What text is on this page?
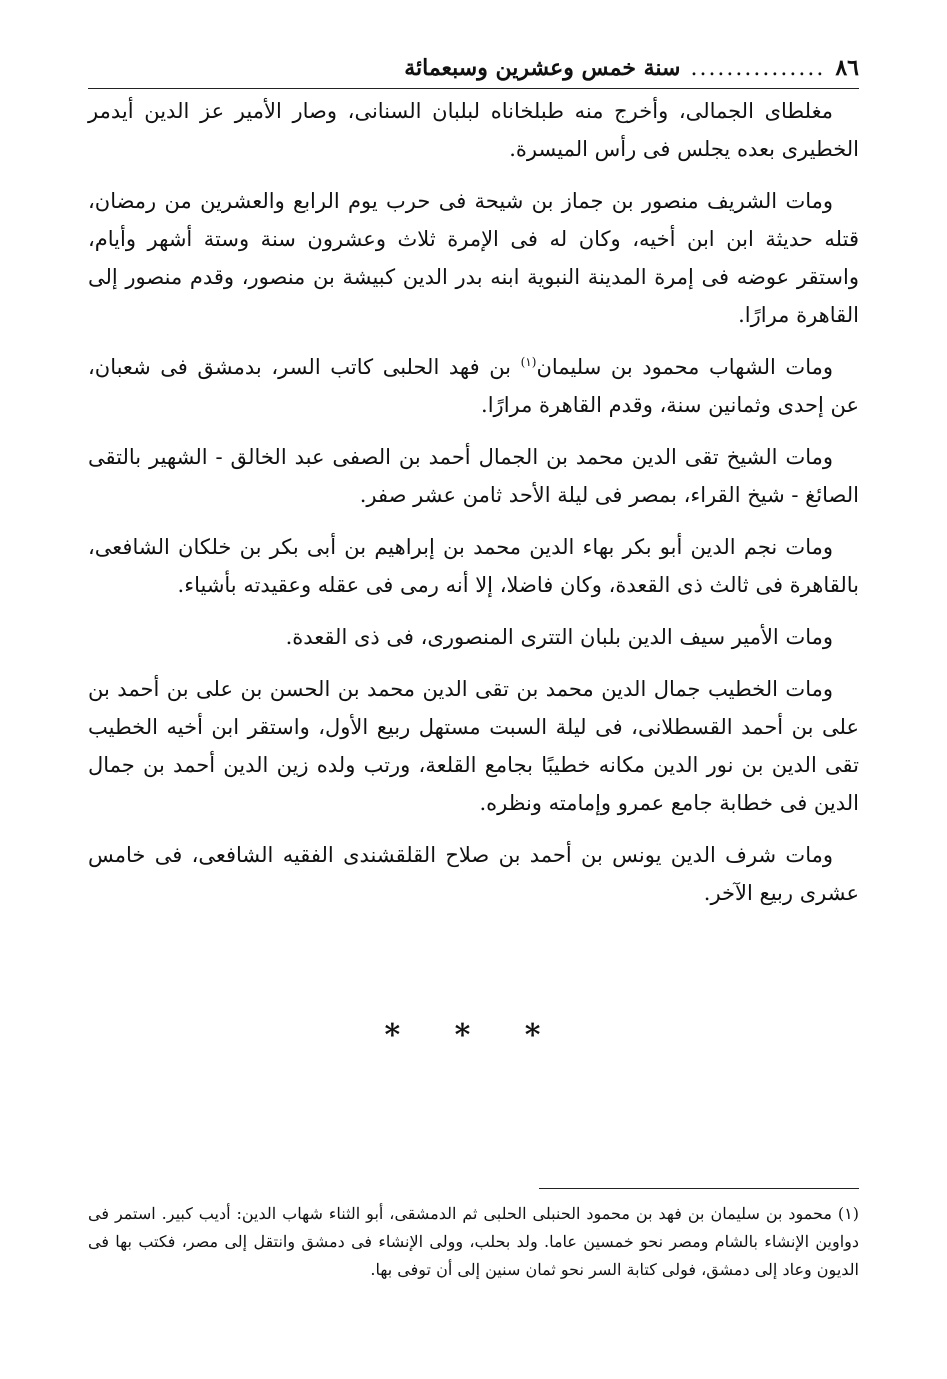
٨٦
...............
سنة خمس وعشرين وسبعمائة

مغلطاى الجمالى، وأخرج منه طبلخاناه لبلبان السنانى، وصار الأمير عز الدين أيدمر الخطيرى بعده يجلس فى رأس الميسرة.

ومات الشريف منصور بن جماز بن شيحة فى حرب يوم الرابع والعشرين من رمضان، قتله حديثة ابن ابن أخيه، وكان له فى الإمرة ثلاث وعشرون سنة وستة أشهر وأيام، واستقر عوضه فى إمرة المدينة النبوية ابنه بدر الدين كبيشة بن منصور، وقدم منصور إلى القاهرة مرارًا.

ومات الشهاب محمود بن سليمان$^{(١)}$ بن فهد الحلبى كاتب السر، بدمشق فى شعبان، عن إحدى وثمانين سنة، وقدم القاهرة مرارًا.

ومات الشيخ تقى الدين محمد بن الجمال أحمد بن الصفى عبد الخالق - الشهير بالتقى الصائغ - شيخ القراء، بمصر فى ليلة الأحد ثامن عشر صفر.

ومات نجم الدين أبو بكر بهاء الدين محمد بن إبراهيم بن أبى بكر بن خلكان الشافعى، بالقاهرة فى ثالث ذى القعدة، وكان فاضلا، إلا أنه رمى فى عقله وعقيدته بأشياء.

ومات الأمير سيف الدين بلبان التترى المنصورى، فى ذى القعدة.

ومات الخطيب جمال الدين محمد بن تقى الدين محمد بن الحسن بن على بن أحمد بن على بن أحمد القسطلانى، فى ليلة السبت مستهل ربيع الأول، واستقر ابن أخيه الخطيب تقى الدين بن نور الدين مكانه خطيبًا بجامع القلعة، ورتب ولده زين الدين أحمد بن جمال الدين فى خطابة جامع عمرو وإمامته ونظره.

ومات شرف الدين يونس بن أحمد بن صلاح القلقشندى الفقيه الشافعى، فى خامس عشرى ربيع الآخر.

* * *

(١) محمود بن سليمان بن فهد بن محمود الحنبلى الحلبى ثم الدمشقى، أبو الثناء شهاب الدين: أديب كبير. استمر فى دواوين الإنشاء بالشام ومصر نحو خمسين عاما. ولد بحلب، وولى الإنشاء فى دمشق وانتقل إلى مصر، فكتب بها فى الديون وعاد إلى دمشق، فولى كتابة السر نحو ثمان سنين إلى أن توفى بها.
